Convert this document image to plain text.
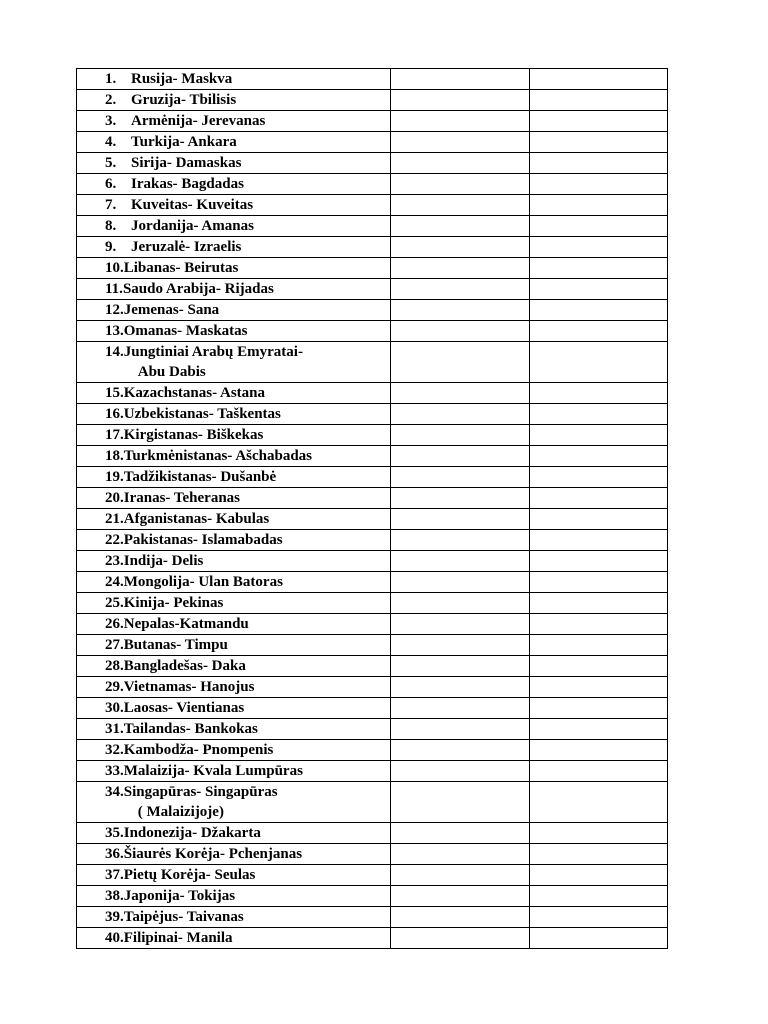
1. Rusija- Maskva		

2. Gruzija- Tbilisis		

3. Armėnija- Jerevanas		

4. Turkija- Ankara		

5. Sirija- Damaskas		

6. Irakas- Bagdadas		

7. Kuveitas- Kuveitas		

8. Jordanija- Amanas		

9. Jeruzalė- Izraelis		

10. Libanas- Beirutas		

11. Saudo Arabija- Rijadas		

12. Jemenas- Sana		

13. Omanas- Maskatas		

14. Jungtiniai Arabų Emyratai-
Abu Dabis		

15. Kazachstanas- Astana		

16. Uzbekistanas- Taškentas		

17. Kirgistanas- Biškekas		

18. Turkmėnistanas- Ašchabadas		

19. Tadžikistanas- Dušanbė		

20. Iranas- Teheranas		

21. Afganistanas- Kabulas		

22. Pakistanas- Islamabadas		

23. Indija- Delis		

24. Mongolija- Ulan Batoras		

25. Kinija- Pekinas		

26. Nepalas-Katmandu		

27. Butanas- Timpu		

28. Bangladešas- Daka		

29. Vietnamas- Hanojus		

30. Laosas- Vientianas		

31. Tailandas- Bankokas		

32. Kambodža- Pnompenis		

33. Malaizija- Kvala Lumpūras		

34. Singapūras- Singapūras
( Malaizijoje)		

35. Indonezija- Džakarta		

36. Šiaurės Korėja- Pchenjanas		

37. Pietų Korėja- Seulas		

38. Japonija- Tokijas		

39. Taipėjus- Taivanas		

40. Filipinai- Manila		
